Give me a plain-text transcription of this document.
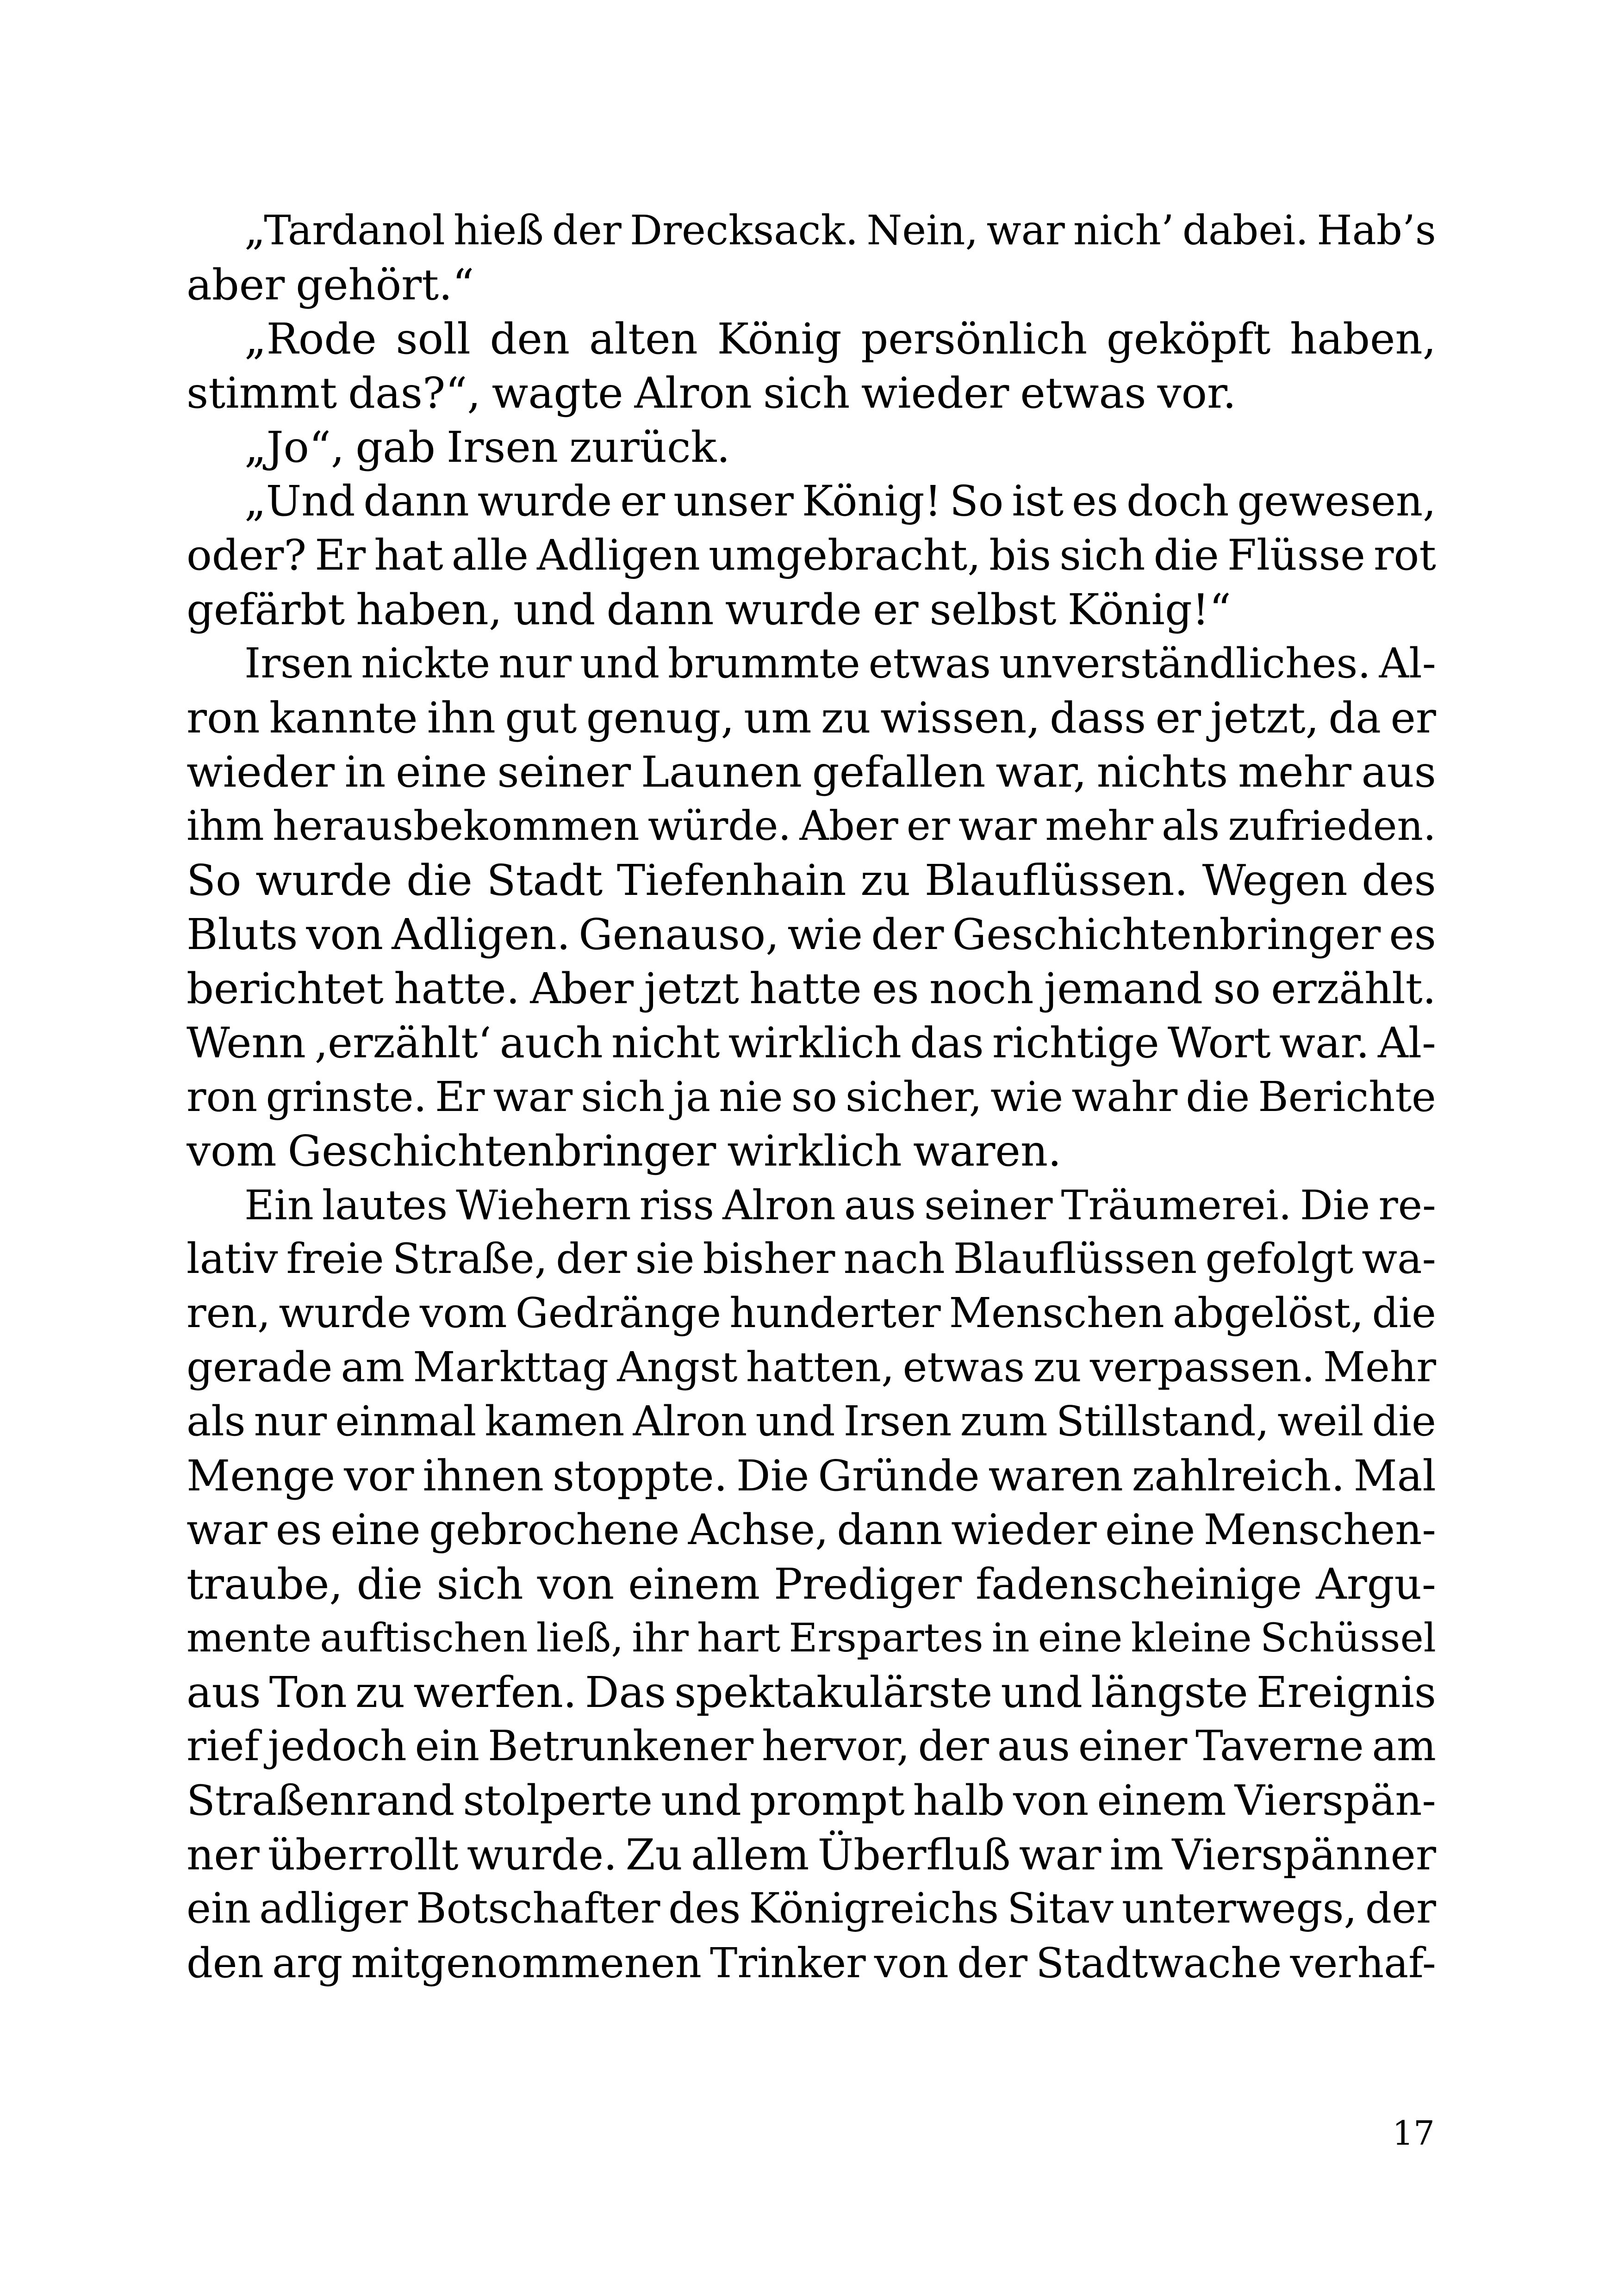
„Tardanol hieß der Drecksack. Nein, war nich’ dabei. Hab’s
aber gehört.“
„Rode soll den alten König persönlich geköpft haben,
stimmt das?“, wagte Alron sich wieder etwas vor.
„Jo“, gab Irsen zurück.
„Und dann wurde er unser König! So ist es doch gewesen,
oder? Er hat alle Adligen umgebracht, bis sich die Flüsse rot
gefärbt haben, und dann wurde er selbst König!“
Irsen nickte nur und brummte etwas unverständliches. Al-
ron kannte ihn gut genug, um zu wissen, dass er jetzt, da er
wieder in eine seiner Launen gefallen war, nichts mehr aus
ihm herausbekommen würde. Aber er war mehr als zufrieden.
So wurde die Stadt Tiefenhain zu Blauflüssen. Wegen des
Bluts von Adligen. Genauso, wie der Geschichtenbringer es
berichtet hatte. Aber jetzt hatte es noch jemand so erzählt.
Wenn ‚erzählt‘ auch nicht wirklich das richtige Wort war. Al-
ron grinste. Er war sich ja nie so sicher, wie wahr die Berichte
vom Geschichtenbringer wirklich waren.
Ein lautes Wiehern riss Alron aus seiner Träumerei. Die re-
lativ freie Straße, der sie bisher nach Blauflüssen gefolgt wa-
ren, wurde vom Gedränge hunderter Menschen abgelöst, die
gerade am Markttag Angst hatten, etwas zu verpassen. Mehr
als nur einmal kamen Alron und Irsen zum Stillstand, weil die
Menge vor ihnen stoppte. Die Gründe waren zahlreich. Mal
war es eine gebrochene Achse, dann wieder eine Menschen-
traube, die sich von einem Prediger fadenscheinige Argu-
mente auftischen ließ, ihr hart Erspartes in eine kleine Schüssel
aus Ton zu werfen. Das spektakulärste und längste Ereignis
rief jedoch ein Betrunkener hervor, der aus einer Taverne am
Straßenrand stolperte und prompt halb von einem Vierspän-
ner überrollt wurde. Zu allem Überfluß war im Vierspänner
ein adliger Botschafter des Königreichs Sitav unterwegs, der
den arg mitgenommenen Trinker von der Stadtwache verhaf-
17
